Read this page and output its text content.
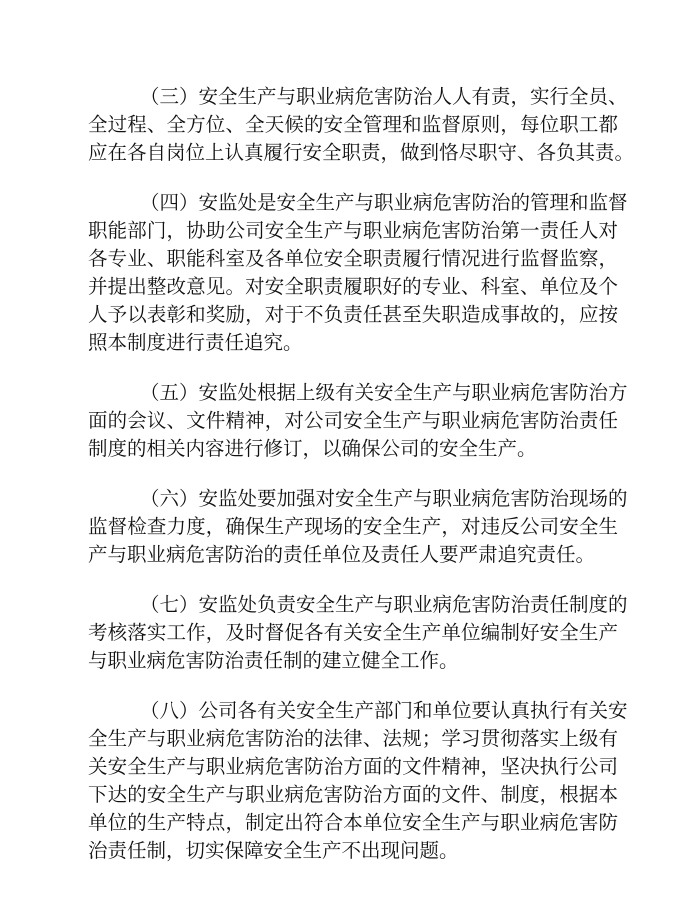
（三）安全生产与职业病危害防治人人有责，实行全员、
全过程、全方位、全天候的安全管理和监督原则，每位职工都
应在各自岗位上认真履行安全职责，做到恪尽职守、各负其责。
（四）安监处是安全生产与职业病危害防治的管理和监督
职能部门，协助公司安全生产与职业病危害防治第一责任人对
各专业、职能科室及各单位安全职责履行情况进行监督监察，
并提出整改意见。对安全职责履职好的专业、科室、单位及个
人予以表彰和奖励，对于不负责任甚至失职造成事故的，应按
照本制度进行责任追究。
（五）安监处根据上级有关安全生产与职业病危害防治方
面的会议、文件精神，对公司安全生产与职业病危害防治责任
制度的相关内容进行修订，以确保公司的安全生产。
（六）安监处要加强对安全生产与职业病危害防治现场的
监督检查力度，确保生产现场的安全生产，对违反公司安全生
产与职业病危害防治的责任单位及责任人要严肃追究责任。
（七）安监处负责安全生产与职业病危害防治责任制度的
考核落实工作，及时督促各有关安全生产单位编制好安全生产
与职业病危害防治责任制的建立健全工作。
（八）公司各有关安全生产部门和单位要认真执行有关安
全生产与职业病危害防治的法律、法规；学习贯彻落实上级有
关安全生产与职业病危害防治方面的文件精神，坚决执行公司
下达的安全生产与职业病危害防治方面的文件、制度，根据本
单位的生产特点，制定出符合本单位安全生产与职业病危害防
治责任制，切实保障安全生产不出现问题。
